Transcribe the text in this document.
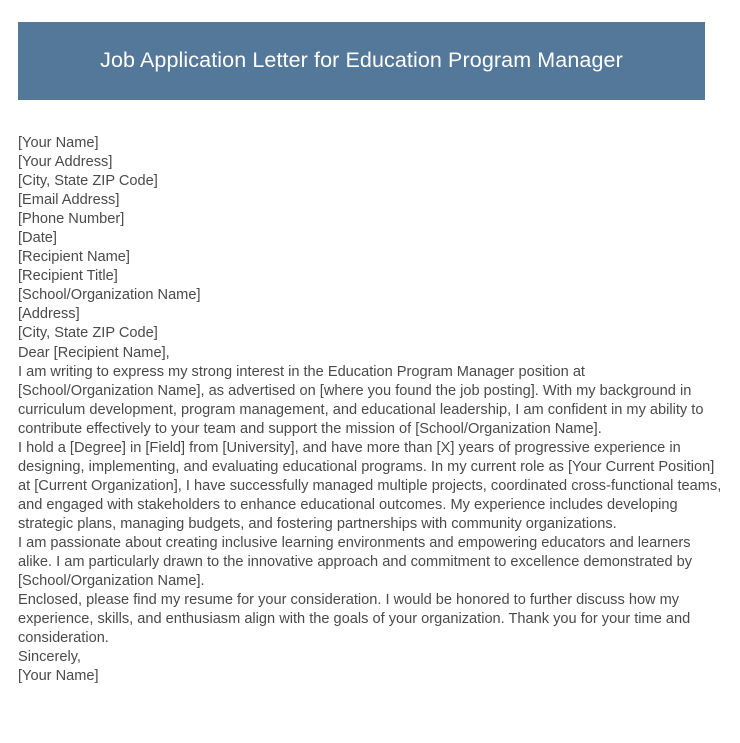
Job Application Letter for Education Program Manager
[Your Name]
[Your Address]
[City, State ZIP Code]
[Email Address]
[Phone Number]
[Date]
[Recipient Name]
[Recipient Title]
[School/Organization Name]
[Address]
[City, State ZIP Code]
Dear [Recipient Name],
I am writing to express my strong interest in the Education Program Manager position at [School/Organization Name], as advertised on [where you found the job posting]. With my background in curriculum development, program management, and educational leadership, I am confident in my ability to contribute effectively to your team and support the mission of [School/Organization Name].
I hold a [Degree] in [Field] from [University], and have more than [X] years of progressive experience in designing, implementing, and evaluating educational programs. In my current role as [Your Current Position] at [Current Organization], I have successfully managed multiple projects, coordinated cross-functional teams, and engaged with stakeholders to enhance educational outcomes. My experience includes developing strategic plans, managing budgets, and fostering partnerships with community organizations.
I am passionate about creating inclusive learning environments and empowering educators and learners alike. I am particularly drawn to the innovative approach and commitment to excellence demonstrated by [School/Organization Name].
Enclosed, please find my resume for your consideration. I would be honored to further discuss how my experience, skills, and enthusiasm align with the goals of your organization. Thank you for your time and consideration.
Sincerely,
[Your Name]
